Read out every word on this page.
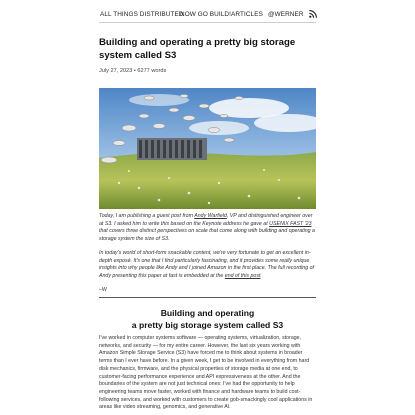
ALL THINGS DISTRIBUTED
NOW GO BUILD! ARTICLES @WERNER
Building and operating a pretty big storage system called S3
July 27, 2023 • 6277 words
Today, I am publishing a guest post from Andy Warfield, VP and distinguished engineer over at S3. I asked him to write this based on the Keynote address he gave at USENIX FAST '23 that covers three distinct perspectives on scale that come along with building and operating a storage system the size of S3.
In today's world of short-form snackable content, we're very fortunate to get an excellent in-depth exposé. It's one that I find particularly fascinating, and it provides some really unique insights into why people like Andy and I joined Amazon in the first place. The full recording of Andy presenting this paper at fast is embedded at the end of this post.
–W
Building and operating
a pretty big storage system called S3
I've worked in computer systems software — operating systems, virtualization, storage, networks, and security — for my entire career. However, the last six years working with Amazon Simple Storage Service (S3) have forced me to think about systems in broader terms than I ever have before. In a given week, I get to be involved in everything from hard disk mechanics, firmware, and the physical properties of storage media at one end, to customer-facing performance experience and API expressiveness at the other. And the boundaries of the system are not just technical ones: I've had the opportunity to help engineering teams move faster, worked with finance and hardware teams to build cost-following services, and worked with customers to create gob-smackingly cool applications in areas like video streaming, genomics, and generative AI.
